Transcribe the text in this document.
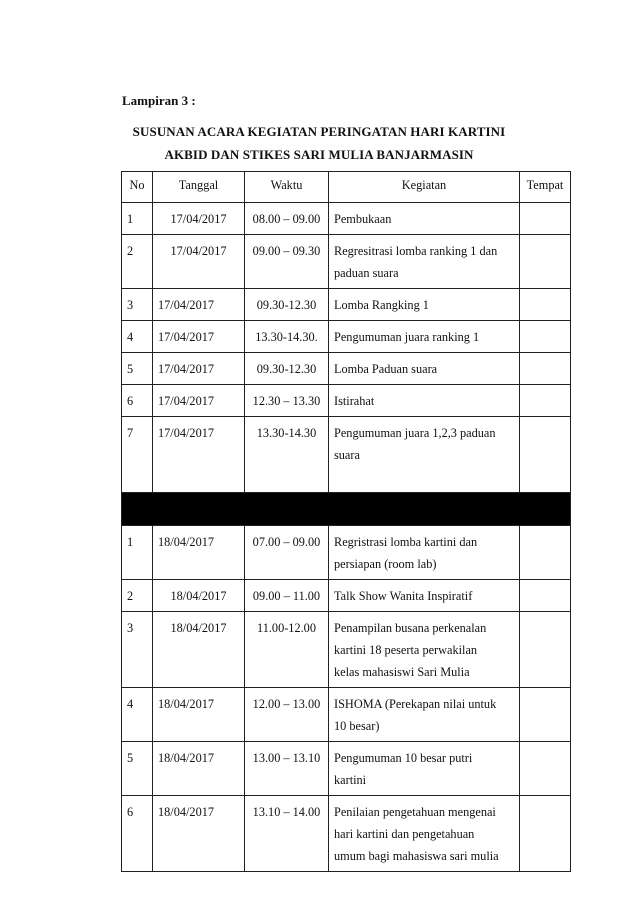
Lampiran 3 :
SUSUNAN ACARA KEGIATAN PERINGATAN HARI KARTINI
AKBID DAN STIKES SARI MULIA BANJARMASIN
No	Tanggal	Waktu	Kegiatan	Tempat
1	17/04/2017	08.00 – 09.00	Pembukaan	

2	17/04/2017	09.00 – 09.30	Regresitrasi lomba ranking 1 dan
paduan suara	

3	17/04/2017	09.30-12.30	Lomba Rangking 1	

4	17/04/2017	13.30-14.30.	Pengumuman juara ranking 1	

5	17/04/2017	09.30-12.30	Lomba Paduan suara	

6	17/04/2017	12.30 – 13.30	Istirahat	

7	17/04/2017	13.30-14.30	Pengumuman juara 1,2,3 paduan
suara	

1	18/04/2017	07.00 – 09.00	Regristrasi lomba kartini dan
persiapan (room lab)	

2	18/04/2017	09.00 – 11.00	Talk Show Wanita Inspiratif	

3	18/04/2017	11.00-12.00	Penampilan busana perkenalan
kartini 18 peserta perwakilan
kelas mahasiswi Sari Mulia	

4	18/04/2017	12.00 – 13.00	ISHOMA (Perekapan nilai untuk
10 besar)	

5	18/04/2017	13.00 – 13.10	Pengumuman 10 besar putri
kartini	

6	18/04/2017	13.10 – 14.00	Penilaian pengetahuan mengenai
hari kartini dan pengetahuan
umum bagi mahasiswa sari mulia	
